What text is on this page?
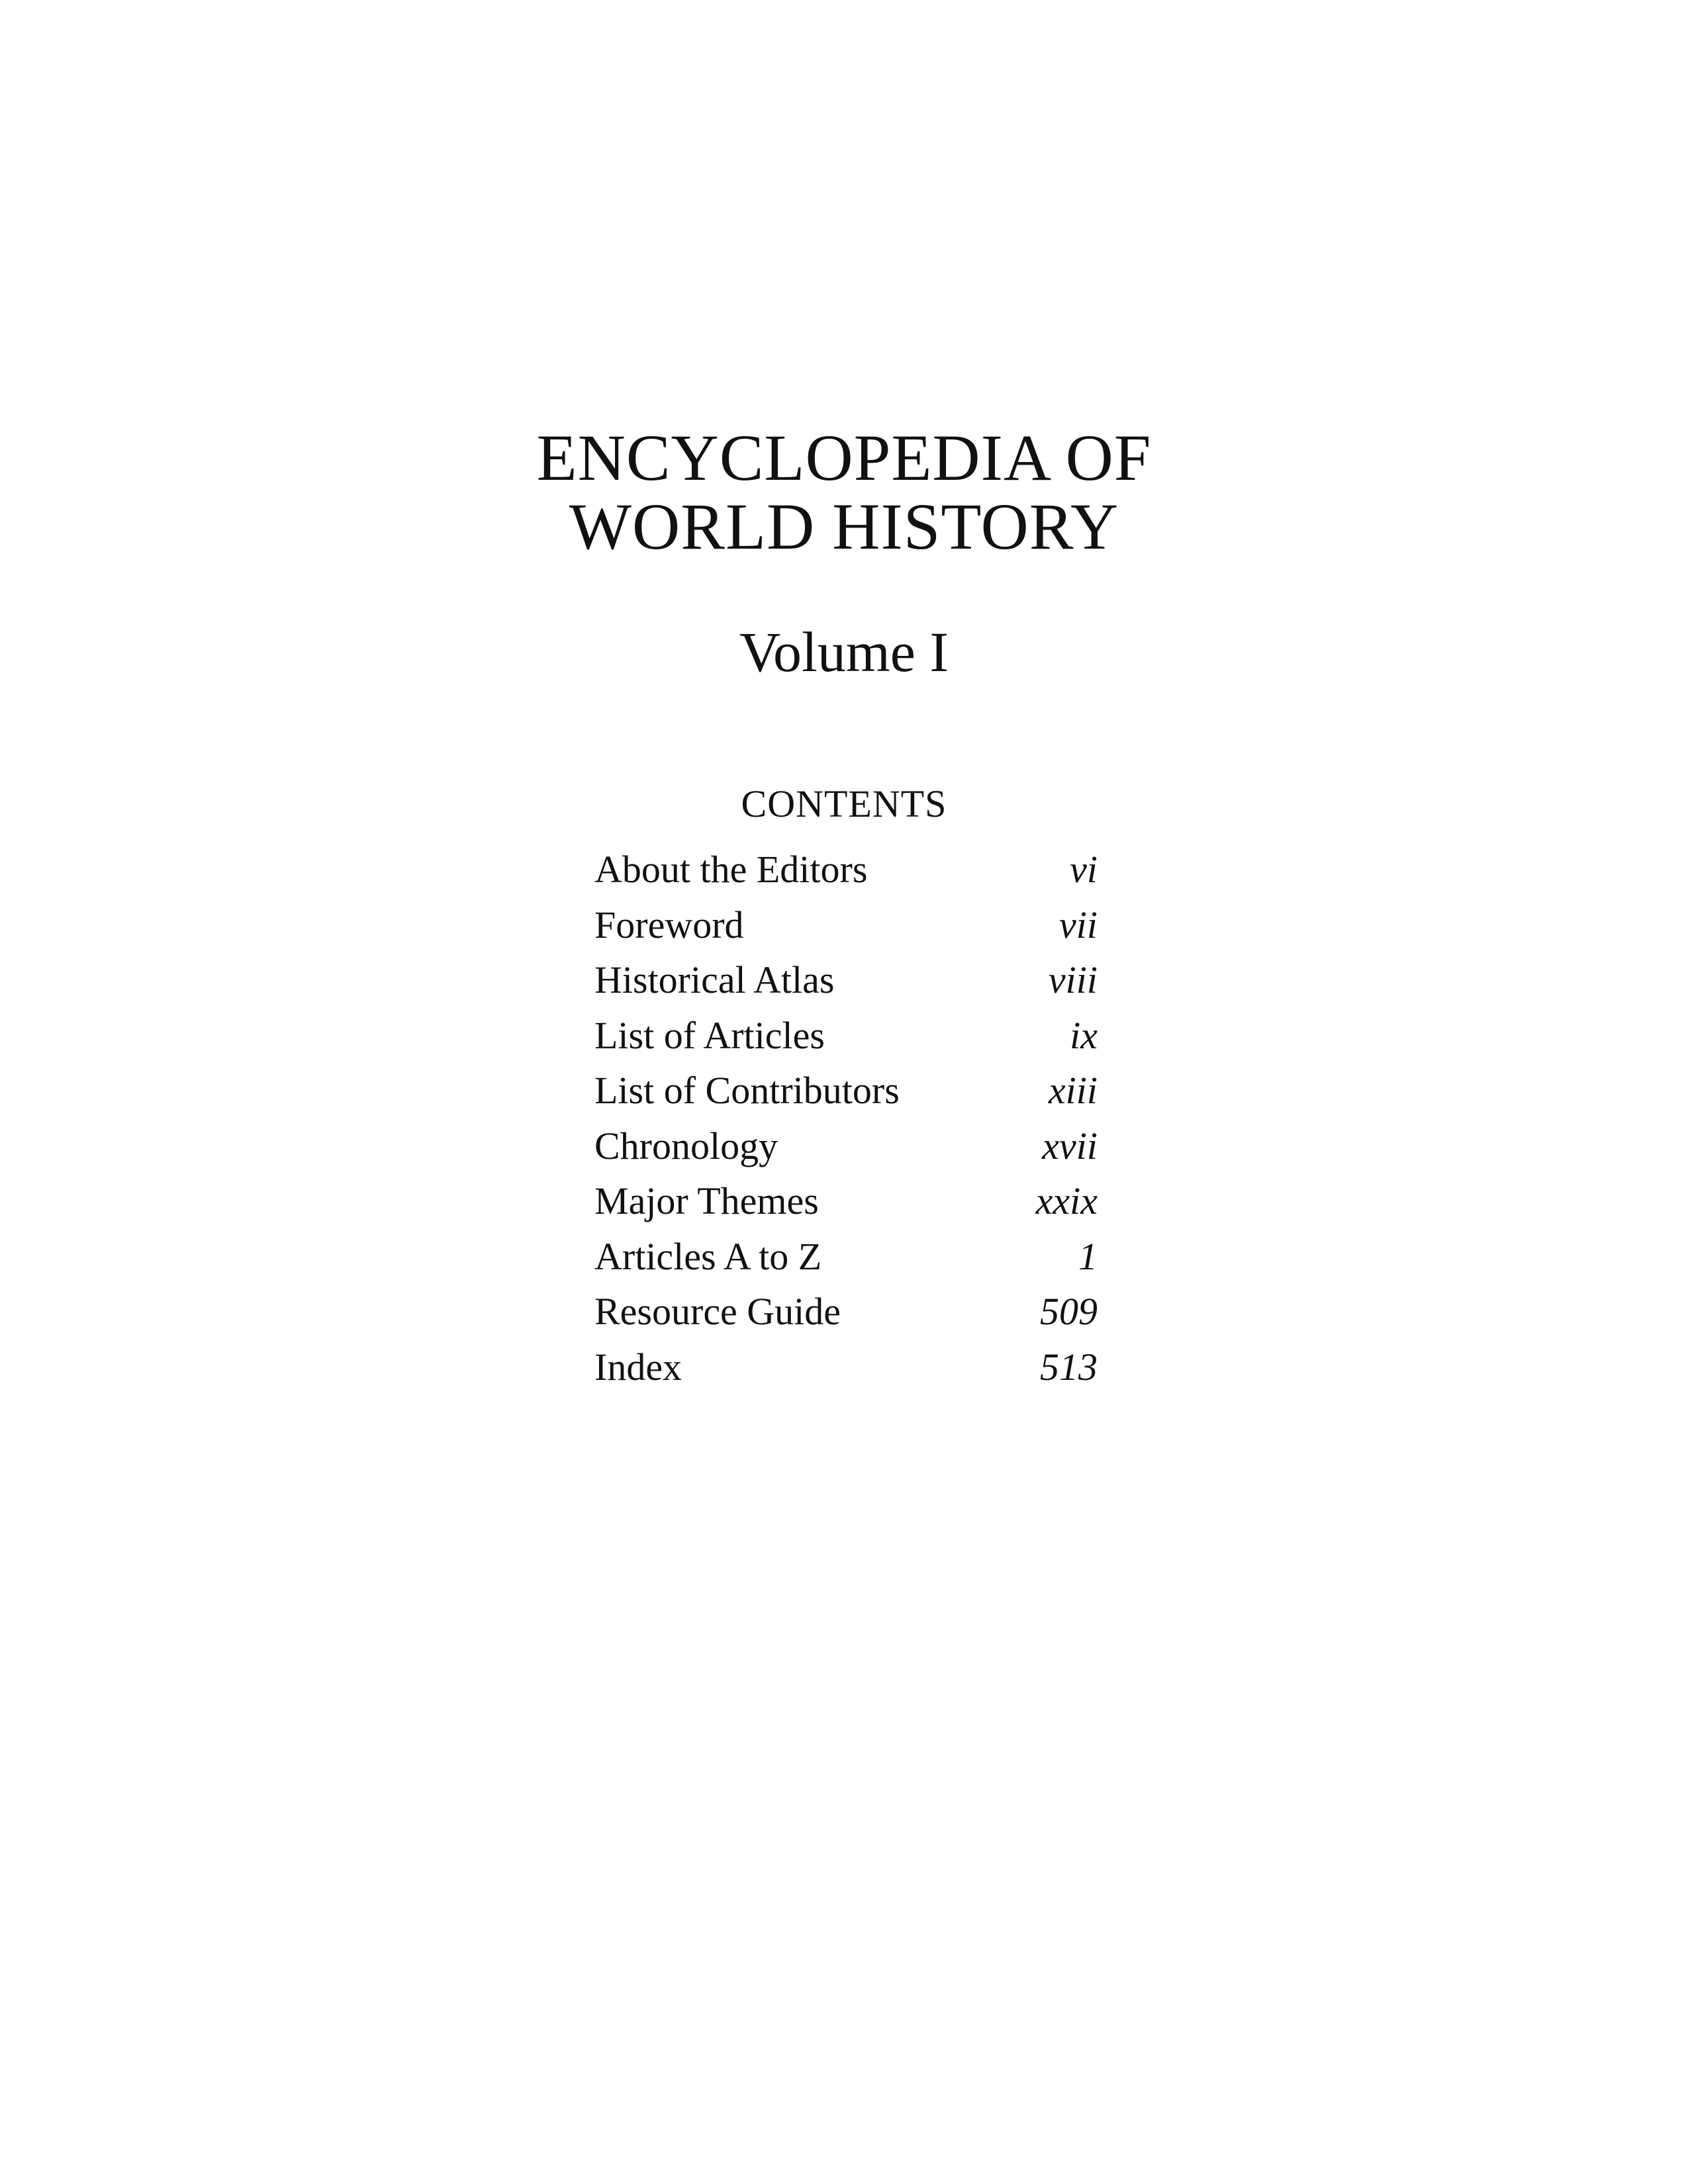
ENCYCLOPEDIA OF
WORLD HISTORY
Volume I
CONTENTS
About the Editors	vi
Foreword	vii
Historical Atlas	viii
List of Articles	ix
List of Contributors	xiii
Chronology	xvii
Major Themes	xxix
Articles A to Z	1
Resource Guide	509
Index	513
